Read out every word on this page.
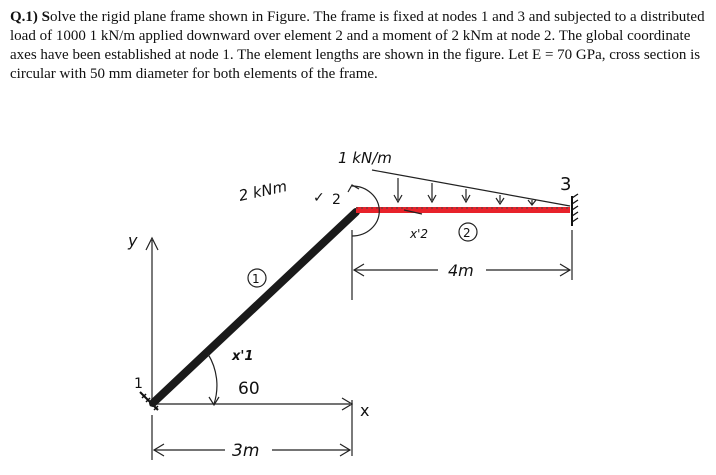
Q.1) Solve the rigid plane frame shown in Figure. The frame is fixed at nodes 1 and 3 and subjected to a distributed load of 1000 1 kN/m applied downward over element 2 and a moment of 2 kNm at node 2. The global coordinate axes have been established at node 1. The element lengths are shown in the figure. Let E = 70 GPa, cross section is circular with 50 mm diameter for both elements of the frame.

y
x
1
3
1 kN/m
2 kNm ✓ 2
x'2	2
1
x'1
60
4m
3m
